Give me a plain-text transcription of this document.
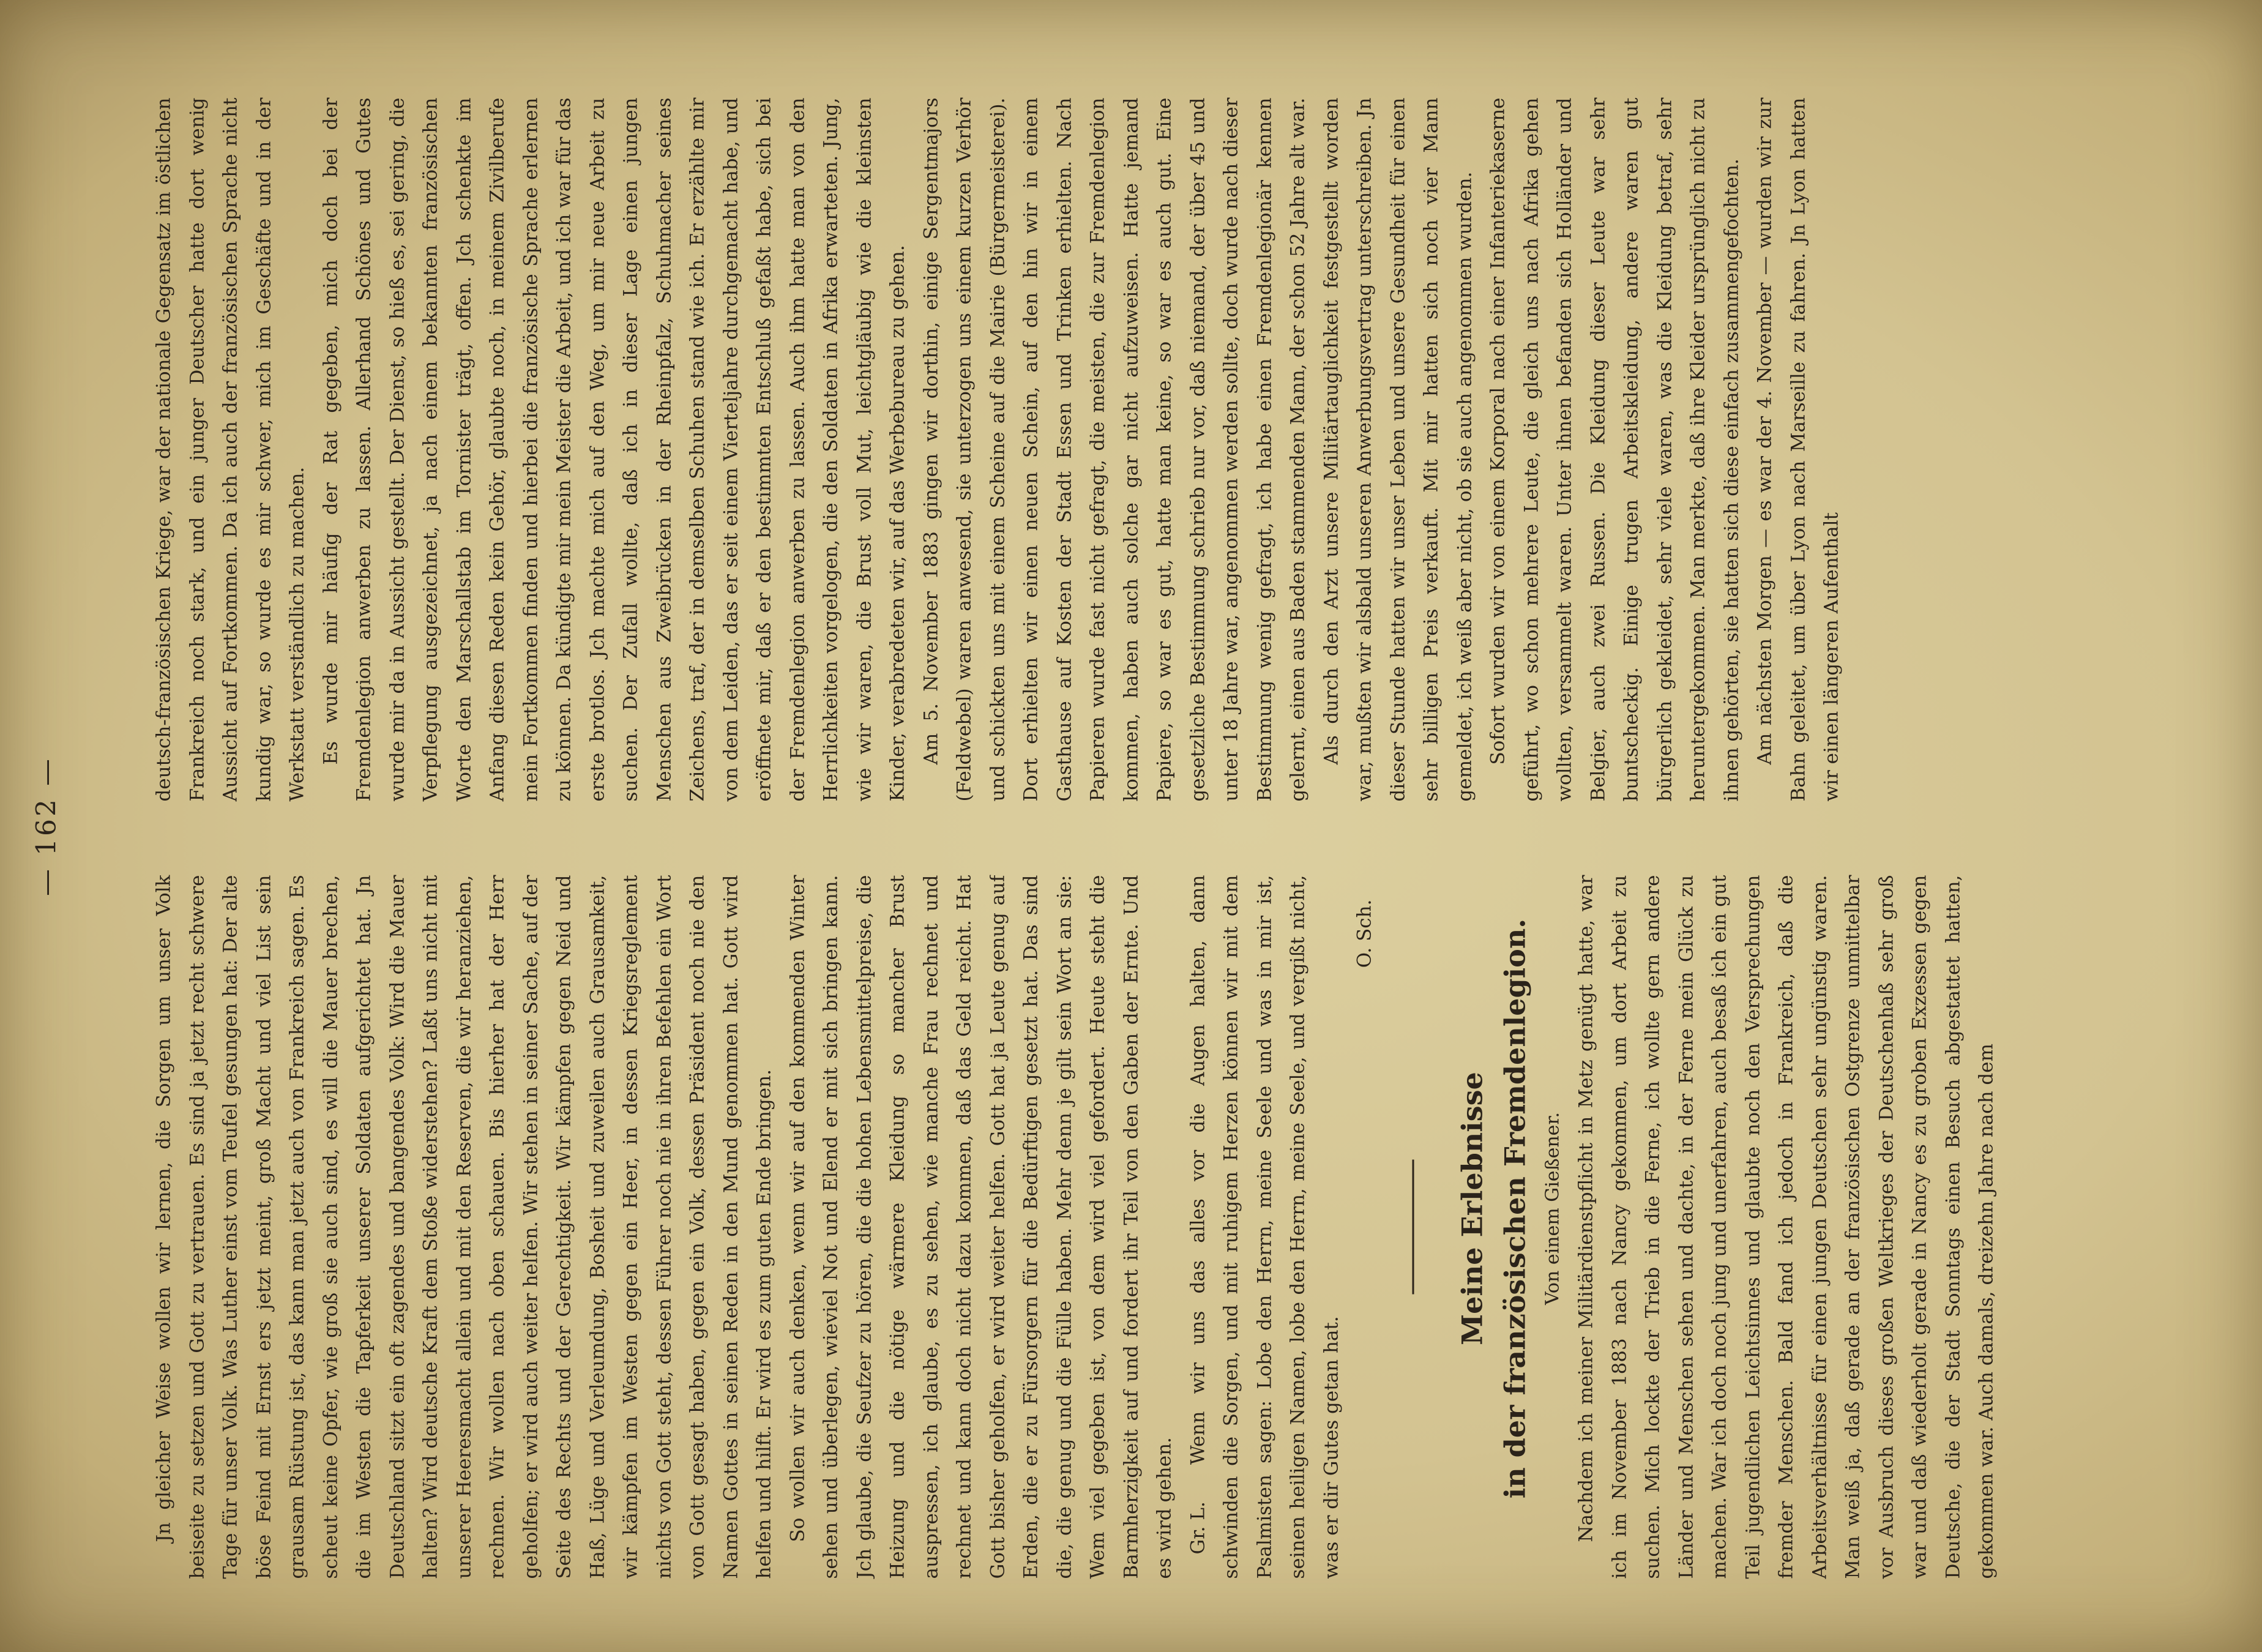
— 162 —

Jn gleicher Weise wollen wir lernen, die Sorgen um unser Volk beiseite zu setzen und Gott zu vertrauen. Es sind ja jetzt recht schwere Tage für unser Volk. Was Luther einst vom Teufel gesungen hat: Der alte böse Feind mit Ernst ers jetzt meint, groß Macht und viel List sein grausam Rüstung ist, das kann man jetzt auch von Frankreich sagen. Es scheut keine Opfer, wie groß sie auch sind, es will die Mauer brechen, die im Westen die Tapferkeit unserer Soldaten aufgerichtet hat. Jn Deutschland sitzt ein oft zagendes und bangendes Volk: Wird die Mauer halten? Wird deutsche Kraft dem Stoße widerstehen? Laßt uns nicht mit unserer Heeresmacht allein und mit den Reserven, die wir heranziehen, rechnen. Wir wollen nach oben schauen. Bis hierher hat der Herr geholfen; er wird auch weiter helfen. Wir stehen in seiner Sache, auf der Seite des Rechts und der Gerechtigkeit. Wir kämpfen gegen Neid und Haß, Lüge und Verleumdung, Bosheit und zuweilen auch Grausamkeit, wir kämpfen im Westen gegen ein Heer, in dessen Kriegsreglement nichts von Gott steht, dessen Führer noch nie in ihren Befehlen ein Wort von Gott gesagt haben, gegen ein Volk, dessen Präsident noch nie den Namen Gottes in seinen Reden in den Mund genommen hat. Gott wird helfen und hilft. Er wird es zum guten Ende bringen. So wollen wir auch denken, wenn wir auf den kommenden Winter sehen und überlegen, wieviel Not und Elend er mit sich bringen kann. Jch glaube, die Seufzer zu hören, die die hohen Lebensmittelpreise, die Heizung und die nötige wärmere Kleidung so mancher Brust auspressen, ich glaube, es zu sehen, wie manche Frau rechnet und rechnet und kann doch nicht dazu kommen, daß das Geld reicht. Hat Gott bisher geholfen, er wird weiter helfen. Gott hat ja Leute genug auf Erden, die er zu Fürsorgern für die Bedürftigen gesetzt hat. Das sind die, die genug und die Fülle haben. Mehr denn je gilt sein Wort an sie: Wem viel gegeben ist, von dem wird viel gefordert. Heute steht die Barmherzigkeit auf und fordert ihr Teil von den Gaben der Ernte. Und es wird gehen. Gr. L.

Wenn wir uns das alles vor die Augen halten, dann schwinden die Sorgen, und mit ruhigem Herzen können wir mit dem Psalmisten sagen: Lobe den Herrn, meine Seele und was in mir ist, seinen heiligen Namen, lobe den Herrn, meine Seele, und vergißt nicht, was er dir Gutes getan hat.

O. Sch.

Meine Erlebnisse in der französischen Fremdenlegion. Von einem Gießener. Nachdem ich meiner Militärdienstpflicht in Metz genügt hatte, war ich im November 1883 nach Nancy gekommen, um dort Arbeit zu suchen. Mich lockte der Trieb in die Ferne, ich wollte gern andere Länder und Menschen sehen und dachte, in der Ferne mein Glück zu machen. War ich doch noch jung und unerfahren, auch besaß ich ein gut Teil jugendlichen Leichtsinnes und glaubte noch den Versprechungen fremder Menschen. Bald fand ich jedoch in Frankreich, daß die Arbeitsverhältnisse für einen jungen Deutschen sehr ungünstig waren. Man weiß ja, daß gerade an der französischen Ostgrenze unmittelbar vor Ausbruch dieses großen Weltkrieges der Deutschenhaß sehr groß war und daß wiederholt gerade in Nancy es zu groben Exzessen gegen Deutsche, die der Stadt Sonntags einen Besuch abgestattet hatten, gekommen war. Auch damals, dreizehn Jahre nach dem

deutsch-französischen Kriege, war der nationale Gegensatz im östlichen Frankreich noch stark, und ein junger Deutscher hatte dort wenig Aussicht auf Fortkommen. Da ich auch der französischen Sprache nicht kundig war, so wurde es mir schwer, mich im Geschäfte und in der Werkstatt verständlich zu machen. Es wurde mir häufig der Rat gegeben, mich doch bei der Fremdenlegion anwerben zu lassen. Allerhand Schönes und Gutes wurde mir da in Aussicht gestellt. Der Dienst, so hieß es, sei gering, die Verpflegung ausgezeichnet, ja nach einem bekannten französischen Worte den Marschallstab im Tornister trägt, offen. Jch schenkte im Anfang diesen Reden kein Gehör, glaubte noch, in meinem Zivilberufe mein Fortkommen finden und hierbei die französische Sprache erlernen zu können. Da kündigte mir mein Meister die Arbeit, und ich war für das erste brotlos. Jch machte mich auf den Weg, um mir neue Arbeit zu suchen. Der Zufall wollte, daß ich in dieser Lage einen jungen Menschen aus Zweibrücken in der Rheinpfalz, Schuhmacher seines Zeichens, traf, der in demselben Schuhen stand wie ich. Er erzählte mir von dem Leiden, das er seit einem Vierteljahre durchgemacht habe, und eröffnete mir, daß er den bestimmten Entschluß gefaßt habe, sich bei der Fremdenlegion anwerben zu lassen. Auch ihm hatte man von den Herrlichkeiten vorgelogen, die den Soldaten in Afrika erwarteten. Jung, wie wir waren, die Brust voll Mut, leichtgläubig wie die kleinsten Kinder, verabredeten wir, auf das Werbebureau zu gehen. Am 5. November 1883 gingen wir dorthin, einige Sergentmajors (Feldwebel) waren anwesend, sie unterzogen uns einem kurzen Verhör und schickten uns mit einem Scheine auf die Mairie (Bürgermeisterei). Dort erhielten wir einen neuen Schein, auf den hin wir in einem Gasthause auf Kosten der Stadt Essen und Trinken erhielten. Nach Papieren wurde fast nicht gefragt, die meisten, die zur Fremdenlegion kommen, haben auch solche gar nicht aufzuweisen. Hatte jemand Papiere, so war es gut, hatte man keine, so war es auch gut. Eine gesetzliche Bestimmung schrieb nur vor, daß niemand, der über 45 und unter 18 Jahre war, angenommen werden sollte, doch wurde nach dieser Bestimmung wenig gefragt, ich habe einen Fremdenlegionär kennen gelernt, einen aus Baden stammenden Mann, der schon 52 Jahre alt war. Als durch den Arzt unsere Militärtauglichkeit festgestellt worden war, mußten wir alsbald unseren Anwerbungsvertrag unterschreiben. Jn dieser Stunde hatten wir unser Leben und unsere Gesundheit für einen sehr billigen Preis verkauft. Mit mir hatten sich noch vier Mann gemeldet, ich weiß aber nicht, ob sie auch angenommen wurden. Sofort wurden wir von einem Korporal nach einer Infanteriekaserne geführt, wo schon mehrere Leute, die gleich uns nach Afrika gehen wollten, versammelt waren. Unter ihnen befanden sich Holländer und Belgier, auch zwei Russen. Die Kleidung dieser Leute war sehr buntscheckig. Einige trugen Arbeitskleidung, andere waren gut bürgerlich gekleidet, sehr viele waren, was die Kleidung betraf, sehr heruntergekommen. Man merkte, daß ihre Kleider ursprünglich nicht zu ihnen gehörten, sie hatten sich diese einfach zusammengefochten. Am nächsten Morgen — es war der 4. November — wurden wir zur Bahn geleitet, um über Lyon nach Marseille zu fahren. Jn Lyon hatten wir einen längeren Aufenthalt
